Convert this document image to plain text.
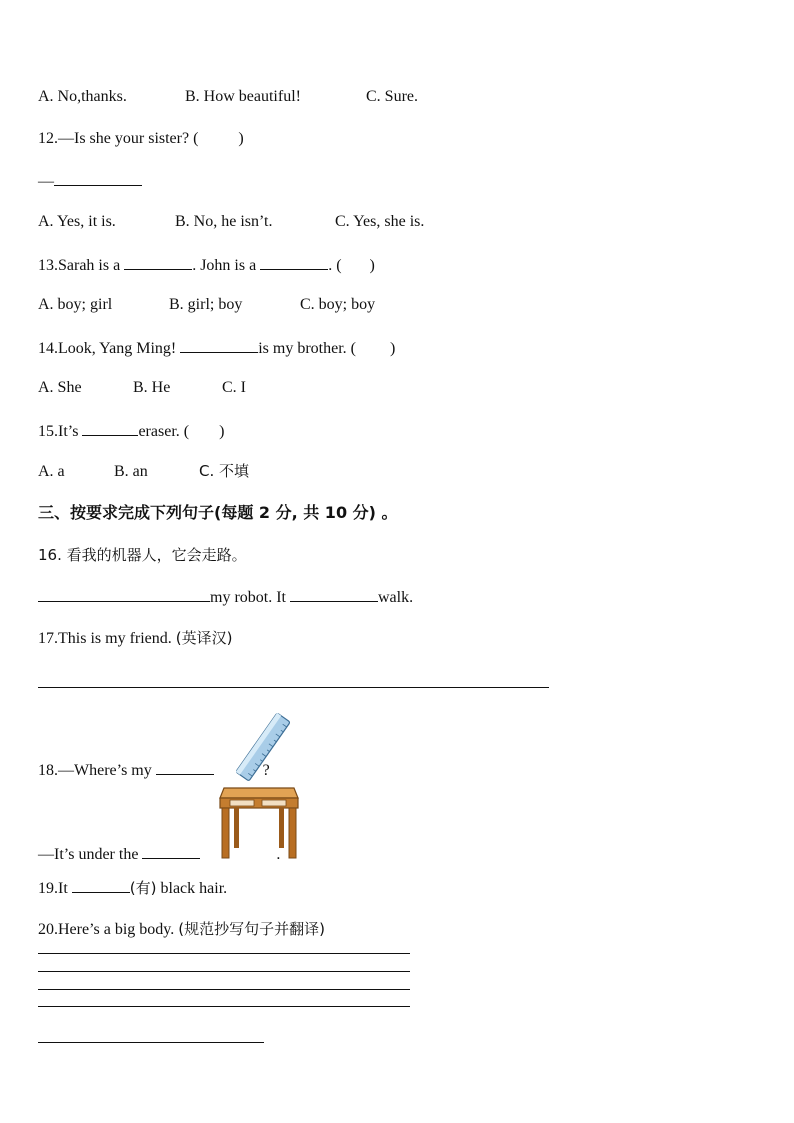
A. No,thanks.	B. How beautiful!	C. Sure.
12.—Is she your sister? (	)
—
A. Yes, it is.	B. No, he isn’t.	C. Yes, she is.
13.Sarah is a	. John is a	. ( )
A. boy; girl	B. girl; boy	C. boy; boy
14.Look, Yang Ming!	is my brother. ( )
A. She	B. He	C. I
15.It’s	eraser. ( )
A. a	B. an	C. 不填
三、按要求完成下列句子(每题 2 分, 共 10 分) 。
16. 看我的机器人，它会走路。
my robot. It	walk.
17.This is my friend. (英译汉)
18.—Where’s my	?
—It’s under the	.
19.It	(有) black hair.
20.Here’s a big body. (规范抄写句子并翻译)
